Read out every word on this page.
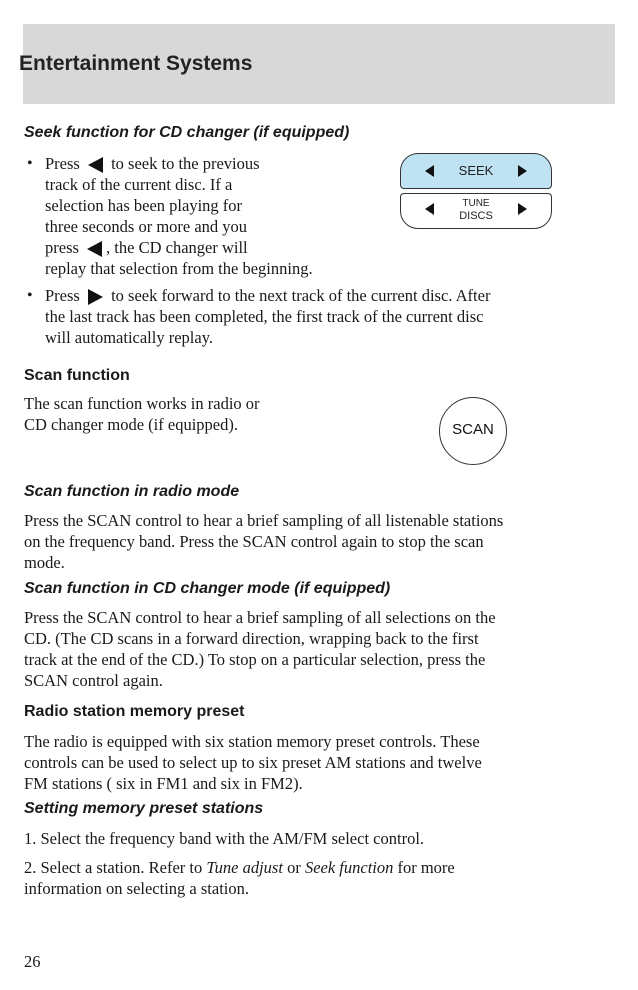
Entertainment Systems
Seek function for CD changer (if equipped)
• Press to seek to the previous
track of the current disc. If a
selection has been playing for
three seconds or more and you
press , the CD changer will
replay that selection from the beginning.
SEEK
TUNE
DISCS
• Press to seek forward to the next track of the current disc. After
the last track has been completed, the first track of the current disc
will automatically replay.
Scan function
The scan function works in radio or
CD changer mode (if equipped).	SCAN
Scan function in radio mode
Press the SCAN control to hear a brief sampling of all listenable stations
on the frequency band. Press the SCAN control again to stop the scan
mode.
Scan function in CD changer mode (if equipped)
Press the SCAN control to hear a brief sampling of all selections on the
CD. (The CD scans in a forward direction, wrapping back to the first
track at the end of the CD.) To stop on a particular selection, press the
SCAN control again.
Radio station memory preset
The radio is equipped with six station memory preset controls. These
controls can be used to select up to six preset AM stations and twelve
FM stations ( six in FM1 and six in FM2).
Setting memory preset stations
1. Select the frequency band with the AM/FM select control.
2. Select a station. Refer to Tune adjust or Seek function for more
information on selecting a station.
26
